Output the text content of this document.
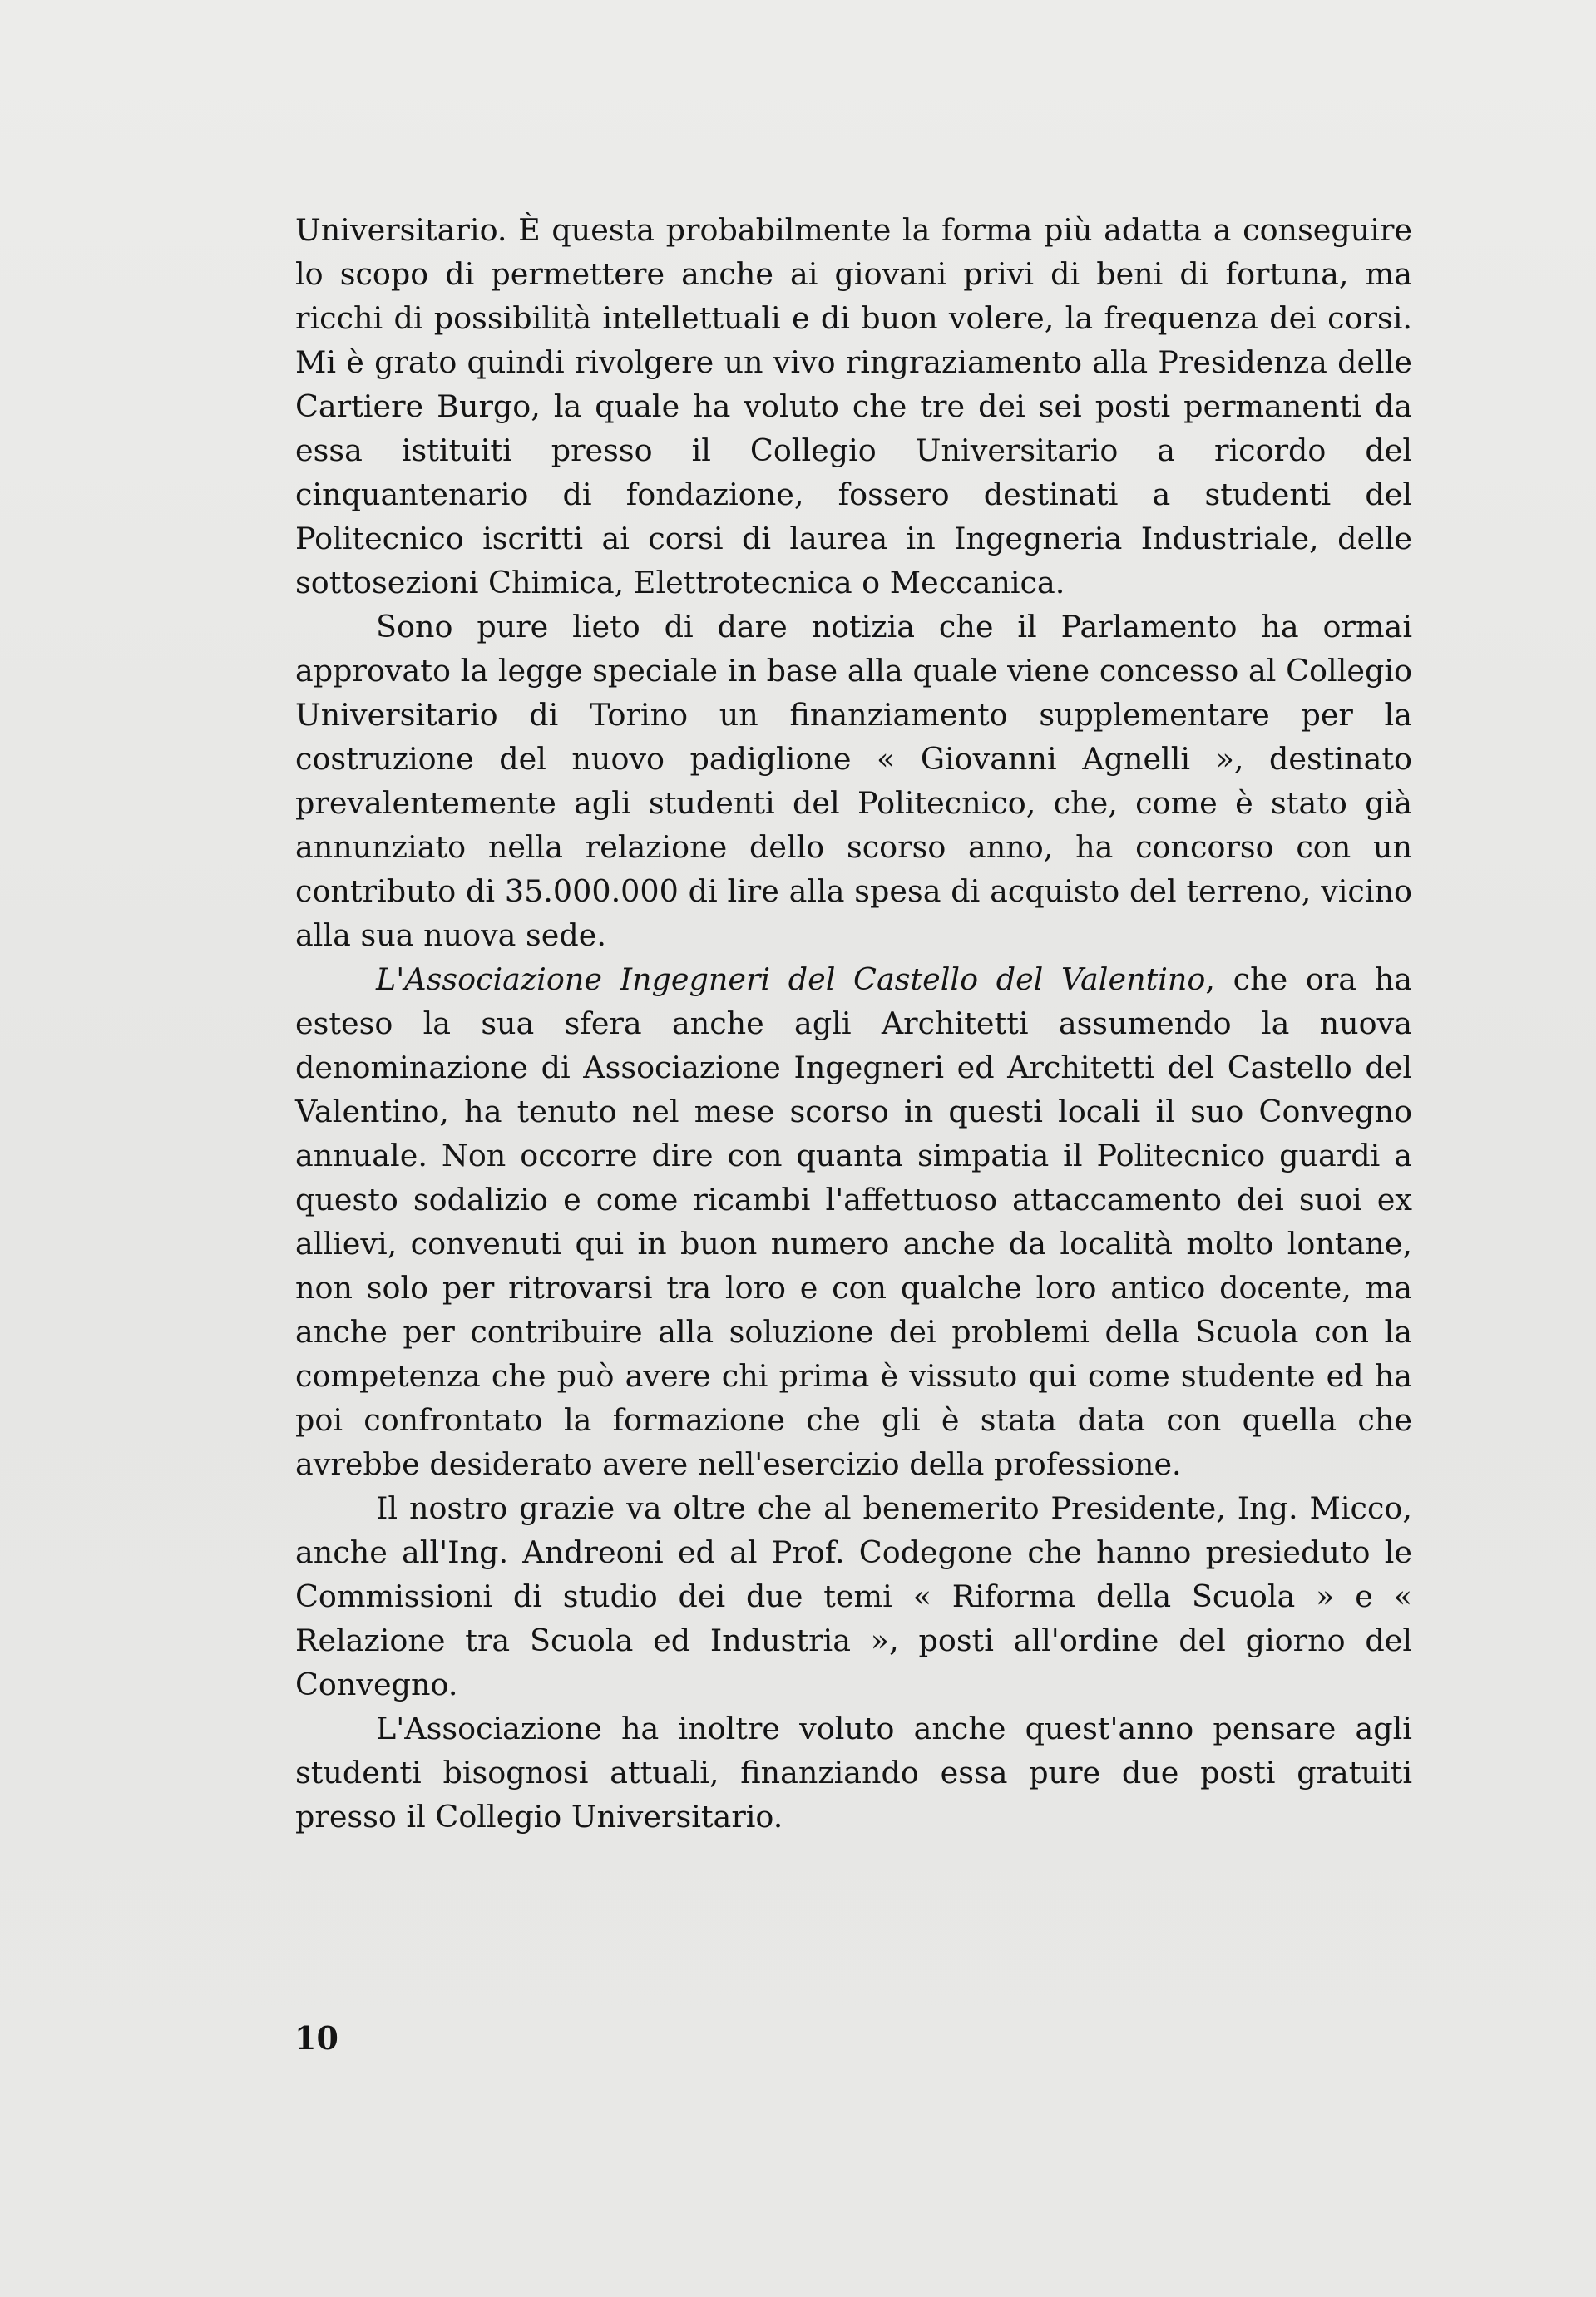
Universitario. È questa probabilmente la forma più adatta a conseguire lo scopo di permettere anche ai giovani privi di beni di fortuna, ma ricchi di possibilità intellettuali e di buon volere, la frequenza dei corsi. Mi è grato quindi rivolgere un vivo ringraziamento alla Presidenza delle Cartiere Burgo, la quale ha voluto che tre dei sei posti permanenti da essa istituiti presso il Collegio Universitario a ricordo del cinquantenario di fondazione, fossero destinati a studenti del Politecnico iscritti ai corsi di laurea in Ingegneria Industriale, delle sottosezioni Chimica, Elettrotecnica o Meccanica.

Sono pure lieto di dare notizia che il Parlamento ha ormai approvato la legge speciale in base alla quale viene concesso al Collegio Universitario di Torino un finanziamento supplementare per la costruzione del nuovo padiglione « Giovanni Agnelli », destinato prevalentemente agli studenti del Politecnico, che, come è stato già annunziato nella relazione dello scorso anno, ha concorso con un contributo di 35.000.000 di lire alla spesa di acquisto del terreno, vicino alla sua nuova sede.

L'Associazione Ingegneri del Castello del Valentino, che ora ha esteso la sua sfera anche agli Architetti assumendo la nuova denominazione di Associazione Ingegneri ed Architetti del Castello del Valentino, ha tenuto nel mese scorso in questi locali il suo Convegno annuale. Non occorre dire con quanta simpatia il Politecnico guardi a questo sodalizio e come ricambi l'affettuoso attaccamento dei suoi ex allievi, convenuti qui in buon numero anche da località molto lontane, non solo per ritrovarsi tra loro e con qualche loro antico docente, ma anche per contribuire alla soluzione dei problemi della Scuola con la competenza che può avere chi prima è vissuto qui come studente ed ha poi confrontato la formazione che gli è stata data con quella che avrebbe desiderato avere nell'esercizio della professione.

Il nostro grazie va oltre che al benemerito Presidente, Ing. Micco, anche all'Ing. Andreoni ed al Prof. Codegone che hanno presieduto le Commissioni di studio dei due temi « Riforma della Scuola » e « Relazione tra Scuola ed Industria », posti all'ordine del giorno del Convegno.

L'Associazione ha inoltre voluto anche quest'anno pensare agli studenti bisognosi attuali, finanziando essa pure due posti gratuiti presso il Collegio Universitario.

10
